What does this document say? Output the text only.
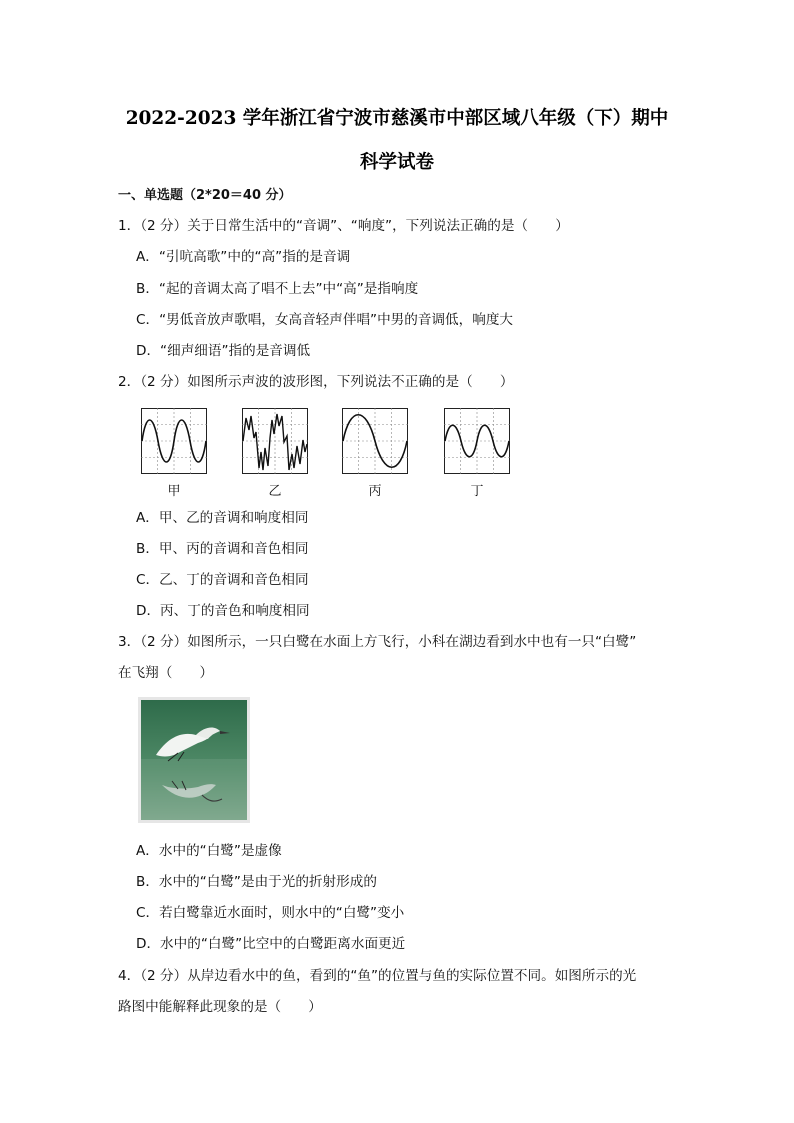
2022-2023 学年浙江省宁波市慈溪市中部区域八年级（下）期中
科学试卷
一、单选题（2*20＝40 分）
1．（2 分）关于日常生活中的“音调”、“响度”，下列说法正确的是（　　）
A．“引吭高歌”中的“高”指的是音调
B．“起的音调太高了唱不上去”中“高”是指响度
C．“男低音放声歌唱，女高音轻声伴唱”中男的音调低，响度大
D．“细声细语”指的是音调低
2．（2 分）如图所示声波的波形图，下列说法不正确的是（　　）
甲	乙	丙	丁
A．甲、乙的音调和响度相同
B．甲、丙的音调和音色相同
C．乙、丁的音调和音色相同
D．丙、丁的音色和响度相同
3．（2 分）如图所示，一只白鹭在水面上方飞行，小科在湖边看到水中也有一只“白鹭”
在飞翔（　　）
A．水中的“白鹭”是虚像
B．水中的“白鹭”是由于光的折射形成的
C．若白鹭靠近水面时，则水中的“白鹭”变小
D．水中的“白鹭”比空中的白鹭距离水面更近
4．（2 分）从岸边看水中的鱼，看到的“鱼”的位置与鱼的实际位置不同。如图所示的光
路图中能解释此现象的是（　　）
